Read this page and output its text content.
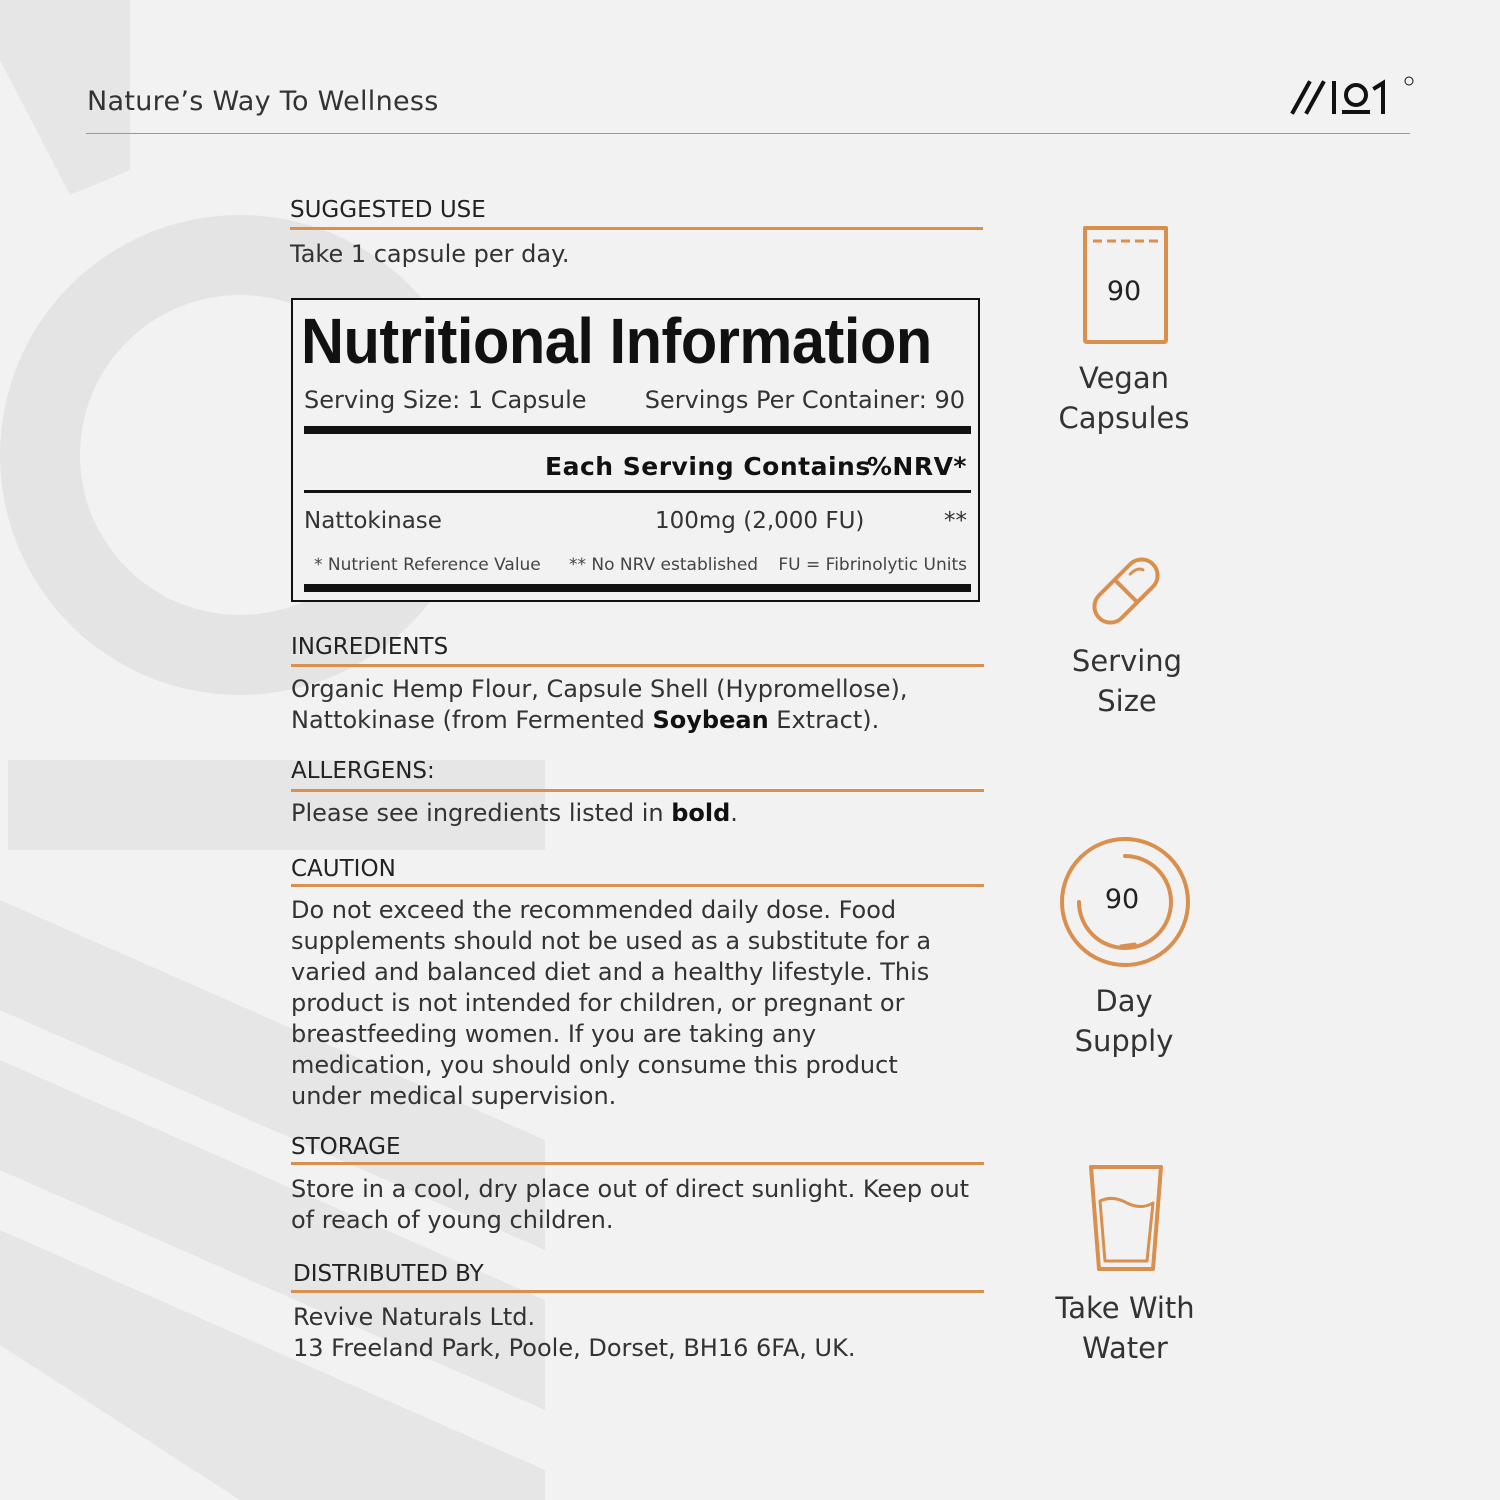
Nature’s Way To Wellness
SUGGESTED USE
Take 1 capsule per day.
Nutritional Information
Serving Size: 1 Capsule Servings Per Container: 90
Each Serving Contains
%NRV*
Nattokinase	100mg (2,000 FU)	**
* Nutrient Reference Value ** No NRV established FU = Fibrinolytic Units
INGREDIENTS
Organic Hemp Flour, Capsule Shell (Hypromellose),
Nattokinase (from Fermented Soybean Extract).
ALLERGENS:
Please see ingredients listed in bold.
CAUTION
Do not exceed the recommended daily dose. Food
supplements should not be used as a substitute for a
varied and balanced diet and a healthy lifestyle. This
product is not intended for children, or pregnant or
breastfeeding women. If you are taking any
medication, you should only consume this product
under medical supervision.
STORAGE
Store in a cool, dry place out of direct sunlight. Keep out
of reach of young children.
DISTRIBUTED BY
Revive Naturals Ltd.
13 Freeland Park, Poole, Dorset, BH16 6FA, UK.
90
Vegan
Capsules
Serving
Size
90
Day
Supply
Take With
Water
